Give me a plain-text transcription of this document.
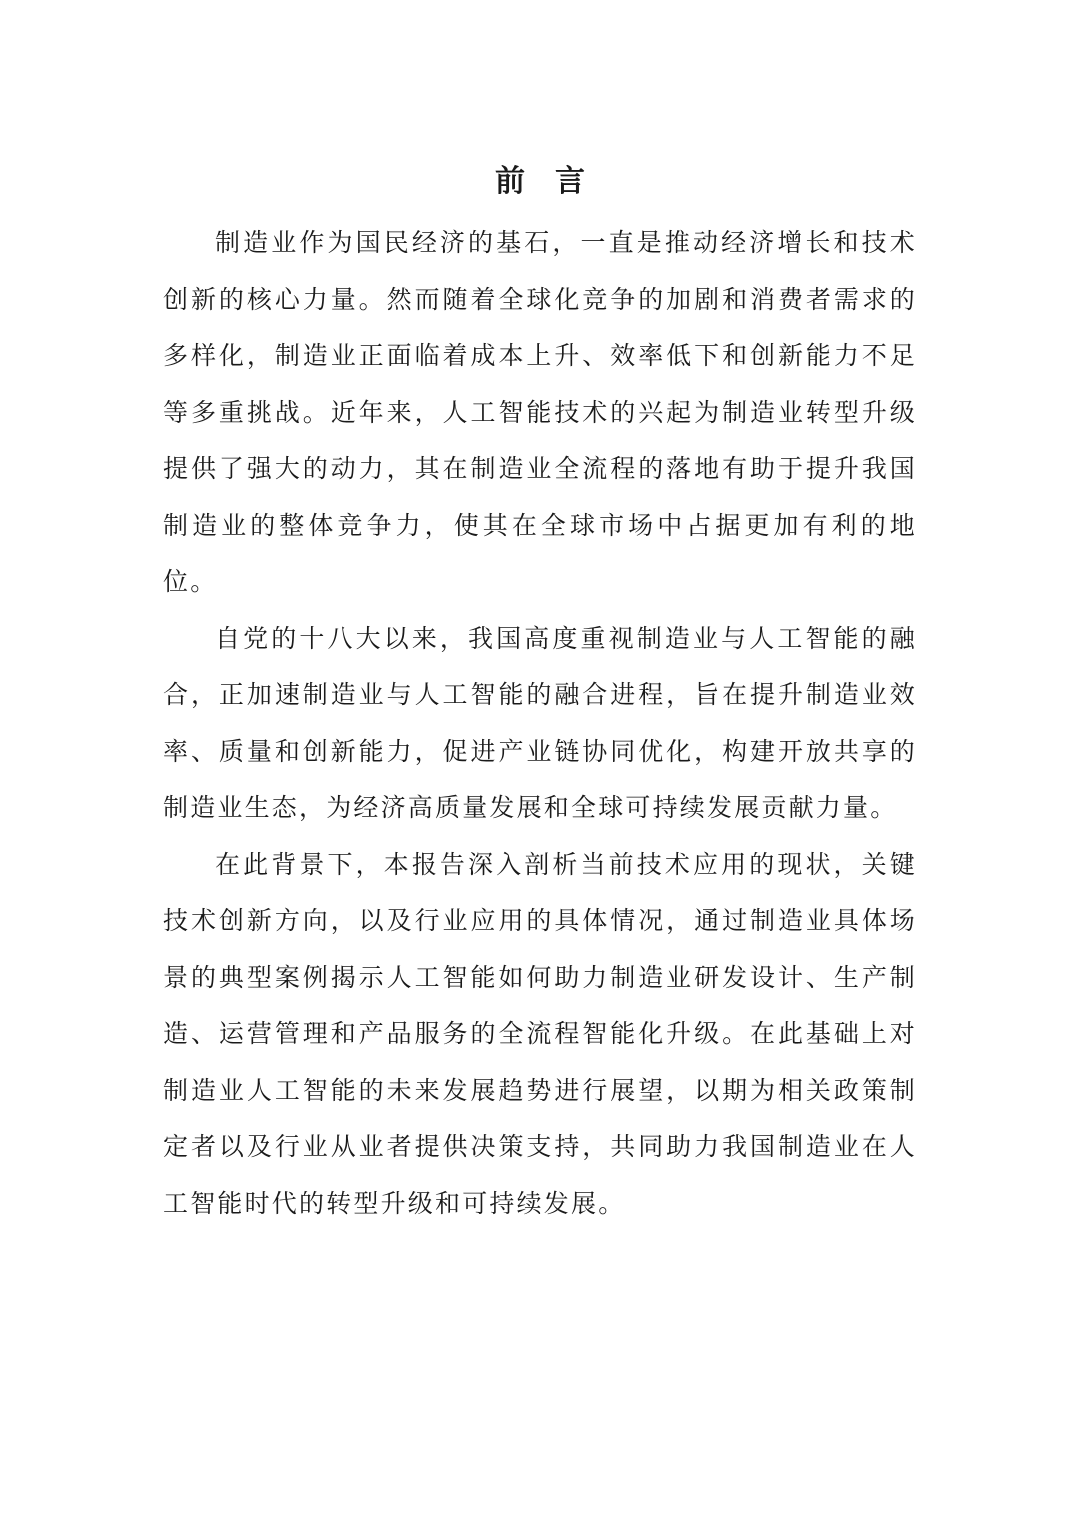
前言

制造业作为国民经济的基石，一直是推动经济增长和技术创新的核心力量。然而随着全球化竞争的加剧和消费者需求的多样化，制造业正面临着成本上升、效率低下和创新能力不足等多重挑战。近年来，人工智能技术的兴起为制造业转型升级提供了强大的动力，其在制造业全流程的落地有助于提升我国制造业的整体竞争力，使其在全球市场中占据更加有利的地位。

自党的十八大以来，我国高度重视制造业与人工智能的融合，正加速制造业与人工智能的融合进程，旨在提升制造业效率、质量和创新能力，促进产业链协同优化，构建开放共享的制造业生态，为经济高质量发展和全球可持续发展贡献力量。

在此背景下，本报告深入剖析当前技术应用的现状，关键技术创新方向，以及行业应用的具体情况，通过制造业具体场景的典型案例揭示人工智能如何助力制造业研发设计、生产制造、运营管理和产品服务的全流程智能化升级。在此基础上对制造业人工智能的未来发展趋势进行展望，以期为相关政策制定者以及行业从业者提供决策支持，共同助力我国制造业在人工智能时代的转型升级和可持续发展。
